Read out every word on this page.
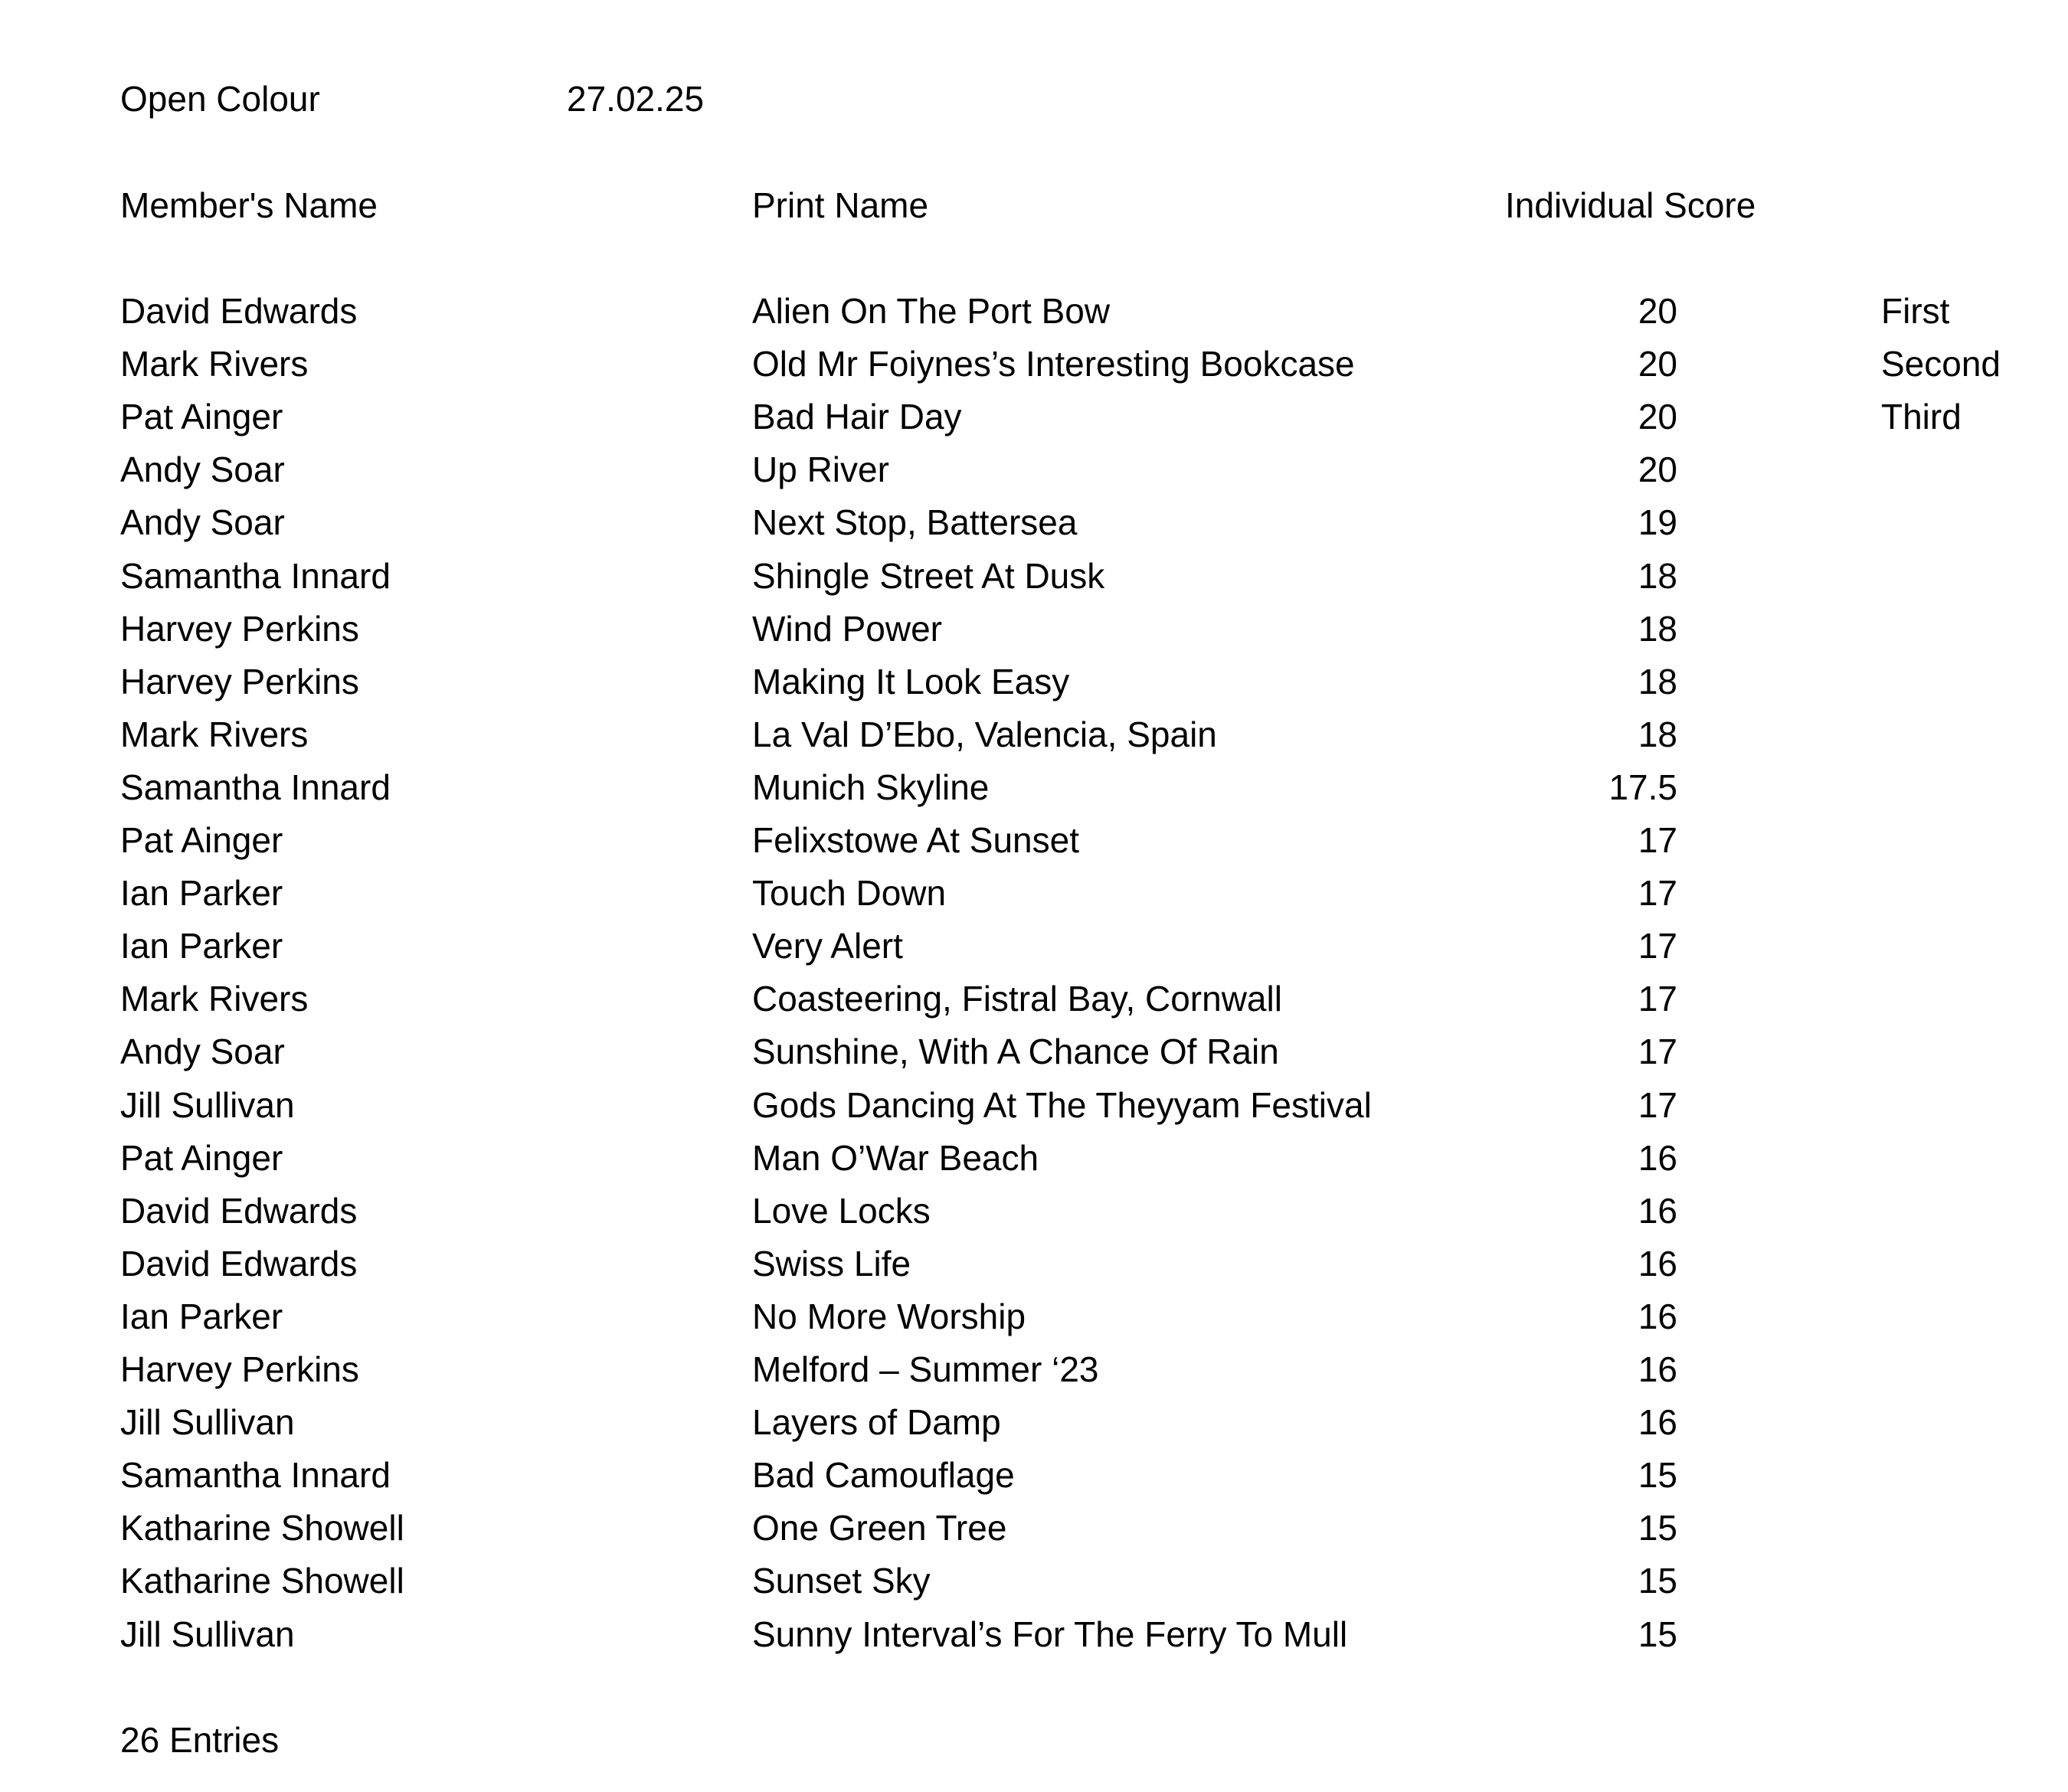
Open Colour	27.02.25
Member's Name	Print Name	Individual Score
David Edwards	Alien On The Port Bow	20	First
Mark Rivers	Old Mr Foiynes’s Interesting Bookcase	20	Second
Pat Ainger	Bad Hair Day	20	Third
Andy Soar	Up River	20
Andy Soar	Next Stop, Battersea	19
Samantha Innard	Shingle Street At Dusk	18
Harvey Perkins	Wind Power	18
Harvey Perkins	Making It Look Easy	18
Mark Rivers	La Val D’Ebo, Valencia, Spain	18
Samantha Innard	Munich Skyline	17.5
Pat Ainger	Felixstowe At Sunset	17
Ian Parker	Touch Down	17
Ian Parker	Very Alert	17
Mark Rivers	Coasteering, Fistral Bay, Cornwall	17
Andy Soar	Sunshine, With A Chance Of Rain	17
Jill Sullivan	Gods Dancing At The Theyyam Festival	17
Pat Ainger	Man O’War Beach	16
David Edwards	Love Locks	16
David Edwards	Swiss Life	16
Ian Parker	No More Worship	16
Harvey Perkins	Melford – Summer ‘23	16
Jill Sullivan	Layers of Damp	16
Samantha Innard	Bad Camouflage	15
Katharine Showell	One Green Tree	15
Katharine Showell	Sunset Sky	15
Jill Sullivan	Sunny Interval’s For The Ferry To Mull	15
26 Entries
